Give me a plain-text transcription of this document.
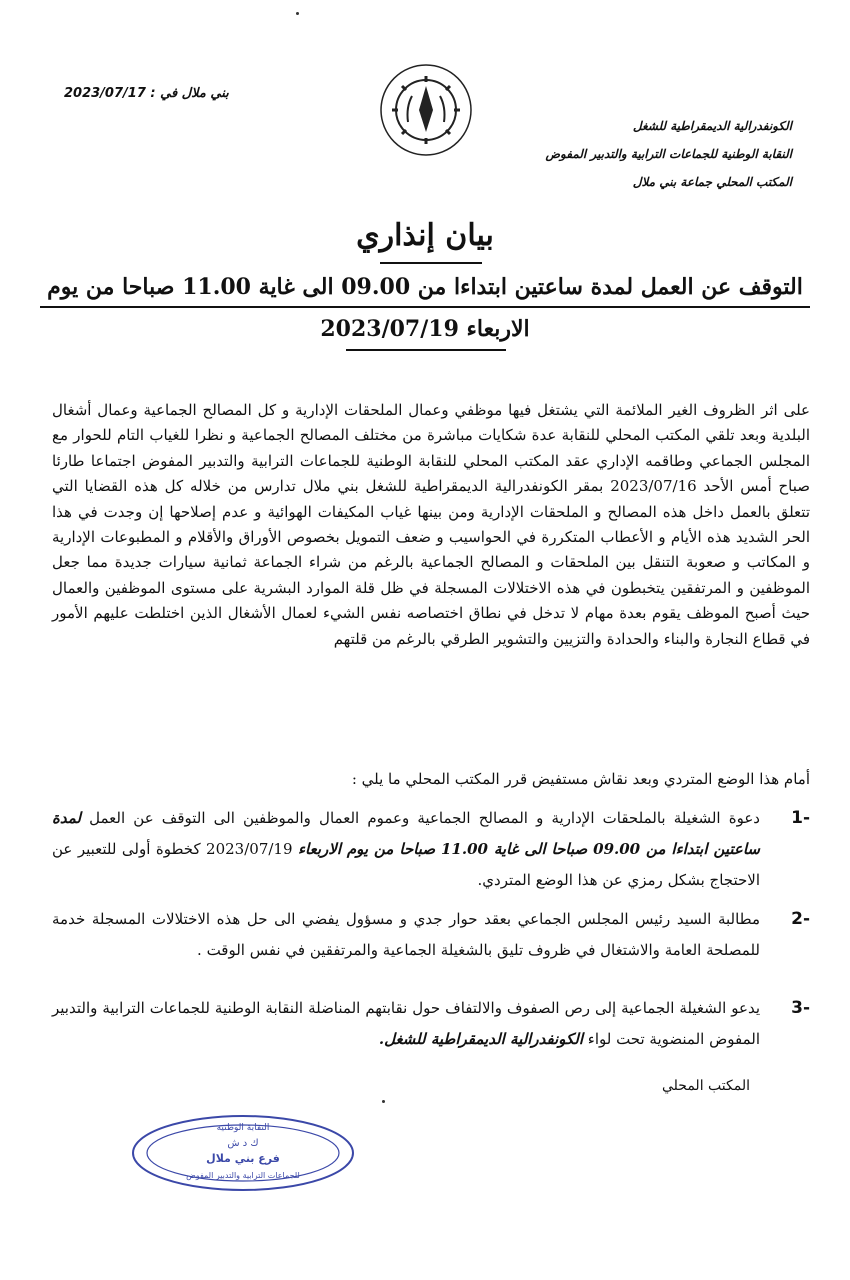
بني ملال في : 2023/07/17
الكونفدرالية الديمقراطية للشغل
النقابة الوطنية للجماعات الترابية والتدبير المفوض
المكتب المحلي جماعة بني ملال
بيان إنذاري
التوقف عن العمل لمدة ساعتين ابتداءا من 09.00 الى غاية 11.00 صباحا من يوم
الاربعاء 2023/07/19
على اثر الظروف الغير الملائمة التي يشتغل فيها موظفي وعمال الملحقات الإدارية و كل المصالح الجماعية وعمال أشغال البلدية وبعد تلقي المكتب المحلي للنقابة عدة شكايات مباشرة من مختلف المصالح الجماعية و نظرا للغياب التام للحوار مع المجلس الجماعي وطاقمه الإداري عقد المكتب المحلي للنقابة الوطنية للجماعات الترابية والتدبير المفوض اجتماعا طارئا صباح أمس الأحد 2023/07/16 بمقر الكونفدرالية الديمقراطية للشغل بني ملال تدارس من خلاله كل هذه القضايا التي تتعلق بالعمل داخل هذه المصالح و الملحقات الإدارية ومن بينها غياب المكيفات الهوائية و عدم إصلاحها إن وجدت في هذا الحر الشديد هذه الأيام و الأعطاب المتكررة في الحواسيب و ضعف التمويل بخصوص الأوراق والأقلام و المطبوعات الإدارية و المكاتب و صعوبة التنقل بين الملحقات و المصالح الجماعية بالرغم من شراء الجماعة ثمانية سيارات جديدة مما جعل الموظفين و المرتفقين يتخبطون في هذه الاختلالات المسجلة في ظل قلة الموارد البشرية على مستوى الموظفين والعمال حيث أصبح الموظف يقوم بعدة مهام لا تدخل في نطاق اختصاصه نفس الشيء لعمال الأشغال الذين اختلطت عليهم الأمور في قطاع النجارة والبناء والحدادة والتزيين والتشوير الطرقي بالرغم من قلتهم
أمام هذا الوضع المتردي وبعد نقاش مستفيض قرر المكتب المحلي ما يلي :
-1
دعوة الشغيلة بالملحقات الإدارية و المصالح الجماعية وعموم العمال والموظفين الى التوقف عن العمل لمدة ساعتين ابتداءا من 09.00 صباحا الى غاية 11.00 صباحا من يوم الاربعاء 2023/07/19 كخطوة أولى للتعبير عن الاحتجاج بشكل رمزي عن هذا الوضع المتردي.
-2
مطالبة السيد رئيس المجلس الجماعي بعقد حوار جدي و مسؤول يفضي الى حل هذه الاختلالات المسجلة خدمة للمصلحة العامة والاشتغال في ظروف تليق بالشغيلة الجماعية والمرتفقين في نفس الوقت .
-3
يدعو الشغيلة الجماعية إلى رص الصفوف والالتفاف حول نقابتهم المناضلة النقابة الوطنية للجماعات الترابية والتدبير المفوض المنضوية تحت لواء الكونفدرالية الديمقراطية للشغل.
المكتب المحلي
النقابة الوطنية
ك د ش
فرع بني ملال
للجماعات الترابية والتدبير المفوض
